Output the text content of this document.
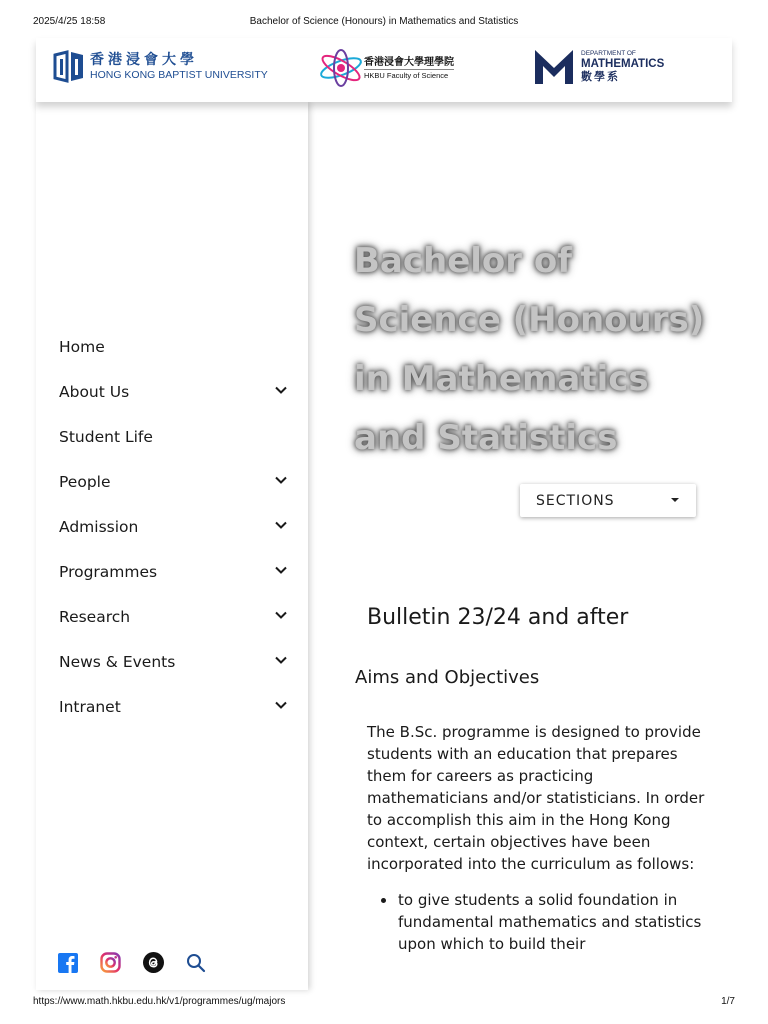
2025/4/25 18:58	Bachelor of Science (Honours) in Mathematics and Statistics
香港浸會大學
HONG KONG BAPTIST UNIVERSITY
香港浸會大學理學院
HKBU Faculty of Science
DEPARTMENT OF
MATHEMATICS
數學系
Home
About Us
Student Life
People
Admission
Programmes
Research
News & Events
Intranet
Bachelor of Science (Honours) in Mathematics and Statistics
SECTIONS
Bulletin 23/24 and after
Aims and Objectives

The B.Sc. programme is designed to provide students with an education that prepares them for careers as practicing mathematicians and/or statisticians. In order to accomplish this aim in the Hong Kong context, certain objectives have been incorporated into the curriculum as follows:

to give students a solid foundation in fundamental mathematics and statistics upon which to build their
https://www.math.hkbu.edu.hk/v1/programmes/ug/majors	1/7
